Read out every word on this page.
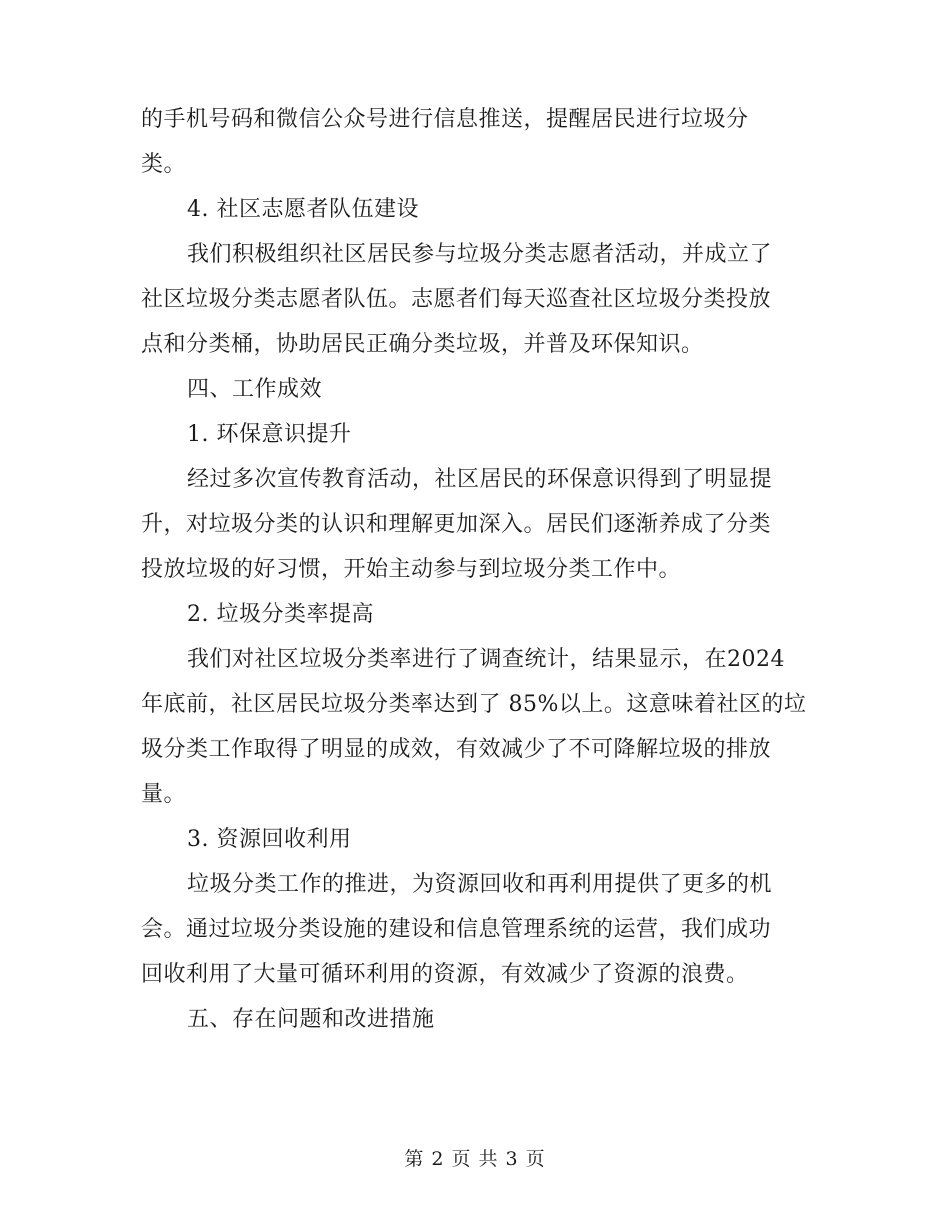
的手机号码和微信公众号进行信息推送，提醒居民进行垃圾分
类。
4. 社区志愿者队伍建设
我们积极组织社区居民参与垃圾分类志愿者活动，并成立了
社区垃圾分类志愿者队伍。志愿者们每天巡查社区垃圾分类投放
点和分类桶，协助居民正确分类垃圾，并普及环保知识。
四、工作成效
1. 环保意识提升
经过多次宣传教育活动，社区居民的环保意识得到了明显提
升，对垃圾分类的认识和理解更加深入。居民们逐渐养成了分类
投放垃圾的好习惯，开始主动参与到垃圾分类工作中。
2. 垃圾分类率提高
我们对社区垃圾分类率进行了调查统计，结果显示，在2024
年底前，社区居民垃圾分类率达到了 85%以上。这意味着社区的垃
圾分类工作取得了明显的成效，有效减少了不可降解垃圾的排放
量。
3. 资源回收利用
垃圾分类工作的推进，为资源回收和再利用提供了更多的机
会。通过垃圾分类设施的建设和信息管理系统的运营，我们成功
回收利用了大量可循环利用的资源，有效减少了资源的浪费。
五、存在问题和改进措施
第 2 页 共 3 页
